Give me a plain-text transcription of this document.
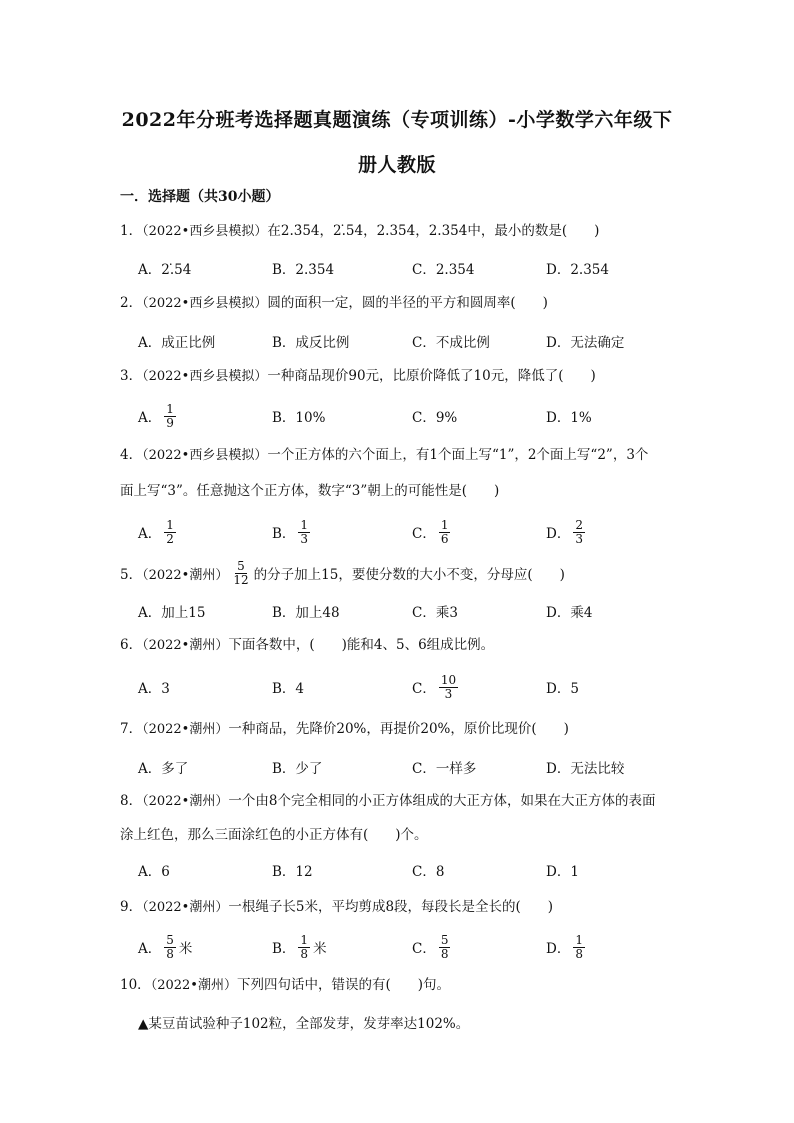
2022年分班考选择题真题演练（专项训练）-小学数学六年级下
册人教版
一．选择题（共30小题）
1．（2022•西乡县模拟）在2.3̇54̇，2.̇54̇，2.354̇，2.35̇4̇中，最小的数是(　　)
A．2.̇54̇	B．2.3̇54̇	C．2.354̇	D．2.35̇4̇
2．（2022•西乡县模拟）圆的面积一定，圆的半径的平方和圆周率(　　)
A．成正比例	B．成反比例	C．不成比例	D．无法确定
3．（2022•西乡县模拟）一种商品现价90元，比原价降低了10元，降低了(　　)
A． $\frac{1}{9}$	B．10%	C．9%	D．1%
4．（2022•西乡县模拟）一个正方体的六个面上，有1个面上写“1”，2个面上写“2”，3个
面上写“3”。任意抛这个正方体，数字“3”朝上的可能性是(　　)
A． $\frac{1}{2}$	B． $\frac{1}{3}$	C． $\frac{1}{6}$	D． $\frac{2}{3}$
5．（2022•潮州） $\frac{5}{12}$ 的分子加上15，要使分数的大小不变，分母应(　　)
A．加上15	B．加上48	C．乘3	D．乘4
6．（2022•潮州）下面各数中，(　　)能和4、5、6组成比例。
A．3	B．4	C． $\frac{10}{3}$	D．5
7．（2022•潮州）一种商品，先降价20%，再提价20%，原价比现价(　　)
A．多了	B．少了	C．一样多	D．无法比较
8．（2022•潮州）一个由8个完全相同的小正方体组成的大正方体，如果在大正方体的表面
涂上红色，那么三面涂红色的小正方体有(　　)个。
A．6	B．12	C．8	D．1
9．（2022•潮州）一根绳子长5米，平均剪成8段，每段长是全长的(　　)
A． $\frac{5}{8}$ 米	B． $\frac{1}{8}$ 米	C． $\frac{5}{8}$	D． $\frac{1}{8}$
10．（2022•潮州）下列四句话中，错误的有(　　)句。
▲某豆苗试验种子102粒，全部发芽，发芽率达102%。
